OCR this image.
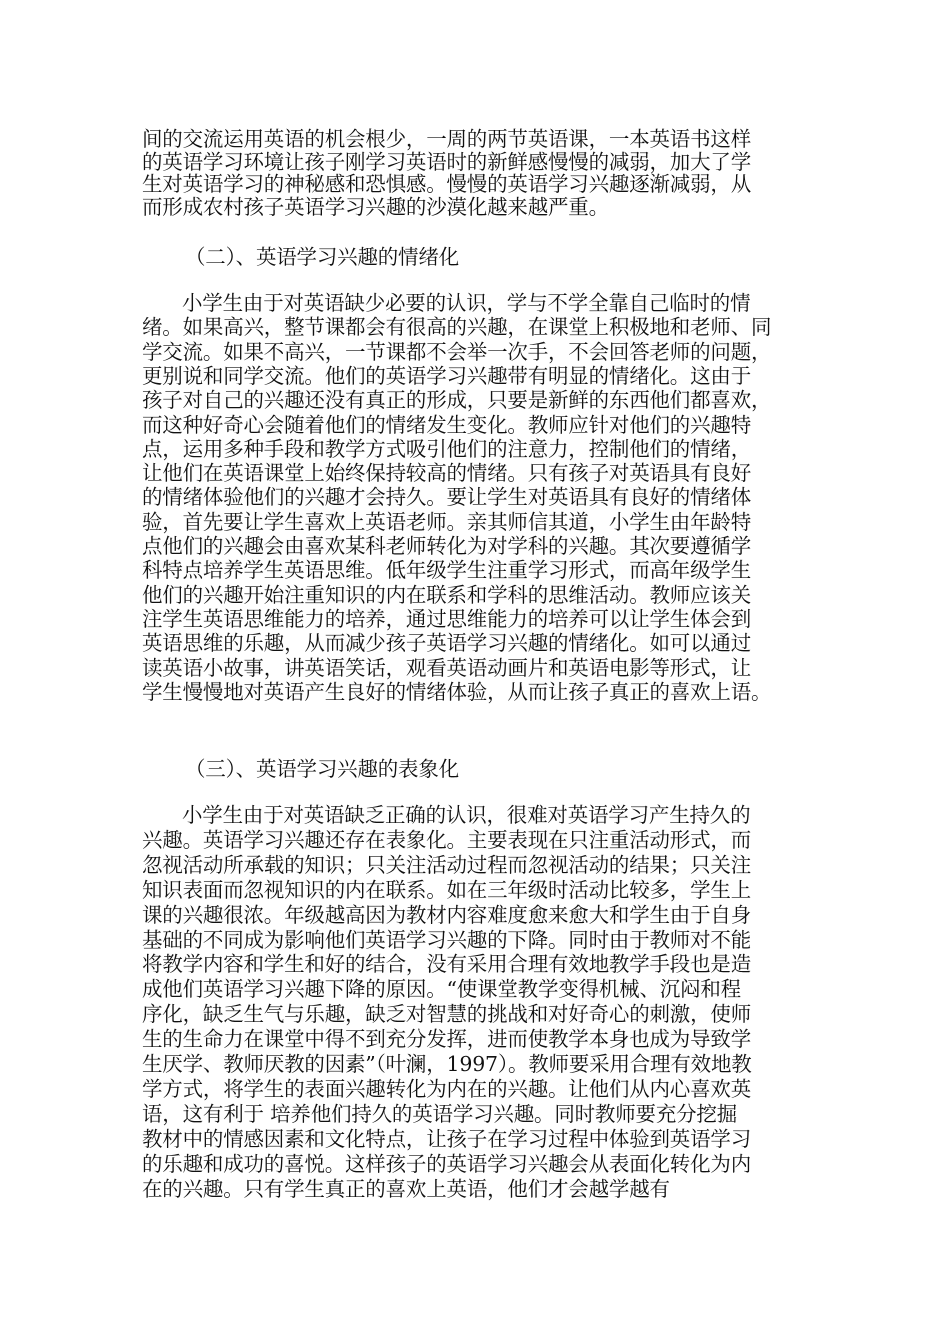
间的交流运用英语的机会根少，一周的两节英语课，一本英语书这样
的英语学习环境让孩子刚学习英语时的新鲜感慢慢的减弱，加大了学
生对英语学习的神秘感和恐惧感。慢慢的英语学习兴趣逐渐减弱，从
而形成农村孩子英语学习兴趣的沙漠化越来越严重。
（二）、英语学习兴趣的情绪化
小学生由于对英语缺少必要的认识，学与不学全靠自己临时的情
绪。如果高兴，整节课都会有很高的兴趣，在课堂上积极地和老师、同
学交流。如果不高兴，一节课都不会举一次手，不会回答老师的问题，
更别说和同学交流。他们的英语学习兴趣带有明显的情绪化。这由于
孩子对自己的兴趣还没有真正的形成，只要是新鲜的东西他们都喜欢，
而这种好奇心会随着他们的情绪发生变化。教师应针对他们的兴趣特
点，运用多种手段和教学方式吸引他们的注意力，控制他们的情绪，
让他们在英语课堂上始终保持较高的情绪。只有孩子对英语具有良好
的情绪体验他们的兴趣才会持久。要让学生对英语具有良好的情绪体
验，首先要让学生喜欢上英语老师。亲其师信其道，小学生由年龄特
点他们的兴趣会由喜欢某科老师转化为对学科的兴趣。其次要遵循学
科特点培养学生英语思维。低年级学生注重学习形式，而高年级学生
他们的兴趣开始注重知识的内在联系和学科的思维活动。教师应该关
注学生英语思维能力的培养，通过思维能力的培养可以让学生体会到
英语思维的乐趣，从而减少孩子英语学习兴趣的情绪化。如可以通过
读英语小故事，讲英语笑话，观看英语动画片和英语电影等形式，让
学生慢慢地对英语产生良好的情绪体验，从而让孩子真正的喜欢上语。
（三）、英语学习兴趣的表象化
小学生由于对英语缺乏正确的认识，很难对英语学习产生持久的
兴趣。英语学习兴趣还存在表象化。主要表现在只注重活动形式，而
忽视活动所承载的知识；只关注活动过程而忽视活动的结果；只关注
知识表面而忽视知识的内在联系。如在三年级时活动比较多，学生上
课的兴趣很浓。年级越高因为教材内容难度愈来愈大和学生由于自身
基础的不同成为影响他们英语学习兴趣的下降。同时由于教师对不能
将教学内容和学生和好的结合，没有采用合理有效地教学手段也是造
成他们英语学习兴趣下降的原因。“使课堂教学变得机械、沉闷和程
序化，缺乏生气与乐趣，缺乏对智慧的挑战和对好奇心的刺激，使师
生的生命力在课堂中得不到充分发挥，进而使教学本身也成为导致学
生厌学、教师厌教的因素”（叶澜，1997）。教师要采用合理有效地教
学方式，将学生的表面兴趣转化为内在的兴趣。让他们从内心喜欢英
语，这有利于 培养他们持久的英语学习兴趣。同时教师要充分挖掘
教材中的情感因素和文化特点，让孩子在学习过程中体验到英语学习
的乐趣和成功的喜悦。这样孩子的英语学习兴趣会从表面化转化为内
在的兴趣。只有学生真正的喜欢上英语，他们才会越学越有
